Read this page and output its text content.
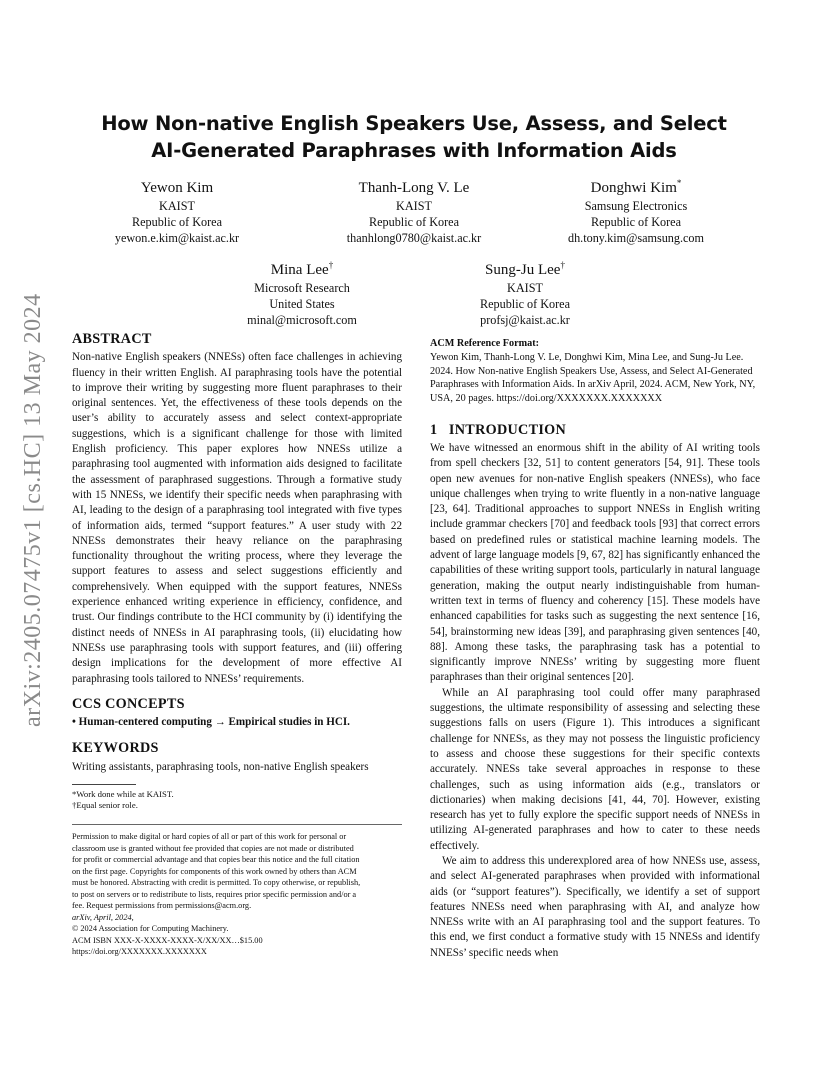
arXiv:2405.07475v1 [cs.HC] 13 May 2024
How Non-native English Speakers Use, Assess, and Select
AI-Generated Paraphrases with Information Aids
Yewon Kim
KAIST
Republic of Korea
yewon.e.kim@kaist.ac.kr
Thanh-Long V. Le
KAIST
Republic of Korea
thanhlong0780@kaist.ac.kr
Donghwi Kim*
Samsung Electronics
Republic of Korea
dh.tony.kim@samsung.com
Mina Lee†
Microsoft Research
United States
minal@microsoft.com
Sung-Ju Lee†
KAIST
Republic of Korea
profsj@kaist.ac.kr
ABSTRACT

Non-native English speakers (NNESs) often face challenges in achieving fluency in their written English. AI paraphrasing tools have the potential to improve their writing by suggesting more fluent paraphrases to their original sentences. Yet, the effectiveness of these tools depends on the user’s ability to accurately assess and select context-appropriate suggestions, which is a significant challenge for those with limited English proficiency. This paper explores how NNESs utilize a paraphrasing tool augmented with information aids designed to facilitate the assessment of paraphrased suggestions. Through a formative study with 15 NNESs, we identify their specific needs when paraphrasing with AI, leading to the design of a paraphrasing tool integrated with five types of information aids, termed “support features.” A user study with 22 NNESs demonstrates their heavy reliance on the paraphrasing functionality throughout the writing process, where they leverage the support features to assess and select suggestions efficiently and comprehensively. When equipped with the support features, NNESs experience enhanced writing experience in efficiency, confidence, and trust. Our findings contribute to the HCI community by (i) identifying the distinct needs of NNESs in AI paraphrasing tools, (ii) elucidating how NNESs use paraphrasing tools with support features, and (iii) offering design implications for the development of more effective AI paraphrasing tools tailored to NNESs’ requirements.

CCS CONCEPTS

• Human-centered computing → Empirical studies in HCI.

KEYWORDS

Writing assistants, paraphrasing tools, non-native English speakers

*Work done while at KAIST.

†Equal senior role.

Permission to make digital or hard copies of all or part of this work for personal or
classroom use is granted without fee provided that copies are not made or distributed
for profit or commercial advantage and that copies bear this notice and the full citation
on the first page. Copyrights for components of this work owned by others than ACM
must be honored. Abstracting with credit is permitted. To copy otherwise, or republish,
to post on servers or to redistribute to lists, requires prior specific permission and/or a
fee. Request permissions from permissions@acm.org.
arXiv, April, 2024,
© 2024 Association for Computing Machinery.
ACM ISBN XXX-X-XXXX-XXXX-X/XX/XX…$15.00
https://doi.org/XXXXXXX.XXXXXXX

ACM Reference Format:

Yewon Kim, Thanh-Long V. Le, Donghwi Kim, Mina Lee, and Sung-Ju Lee. 2024. How Non-native English Speakers Use, Assess, and Select AI-Generated Paraphrases with Information Aids. In arXiv April, 2024. ACM, New York, NY, USA, 20 pages. https://doi.org/XXXXXXX.XXXXXXX

1   INTRODUCTION

We have witnessed an enormous shift in the ability of AI writing tools from spell checkers [32, 51] to content generators [54, 91]. These tools open new avenues for non-native English speakers (NNESs), who face unique challenges when trying to write fluently in a non-native language [23, 64]. Traditional approaches to support NNESs in English writing include grammar checkers [70] and feedback tools [93] that correct errors based on predefined rules or statistical machine learning models. The advent of large language models [9, 67, 82] has significantly enhanced the capabilities of these writing support tools, particularly in natural language generation, making the output nearly indistinguishable from human-written text in terms of fluency and coherency [15]. These models have enhanced capabilities for tasks such as suggesting the next sentence [16, 54], brainstorming new ideas [39], and paraphrasing given sentences [40, 88]. Among these tasks, the paraphrasing task has a potential to significantly improve NNESs’ writing by suggesting more fluent paraphrases than their original sentences [20].

While an AI paraphrasing tool could offer many paraphrased suggestions, the ultimate responsibility of assessing and selecting these suggestions falls on users (Figure 1). This introduces a significant challenge for NNESs, as they may not possess the linguistic proficiency to assess and choose these suggestions for their specific contexts accurately. NNESs take several approaches in response to these challenges, such as using information aids (e.g., translators or dictionaries) when making decisions [41, 44, 70]. However, existing research has yet to fully explore the specific support needs of NNESs in utilizing AI-generated paraphrases and how to cater to these needs effectively.

We aim to address this underexplored area of how NNESs use, assess, and select AI-generated paraphrases when provided with informational aids (or “support features”). Specifically, we identify a set of support features NNESs need when paraphrasing with AI, and analyze how NNESs write with an AI paraphrasing tool and the support features. To this end, we first conduct a formative study with 15 NNESs and identify NNESs’ specific needs when
